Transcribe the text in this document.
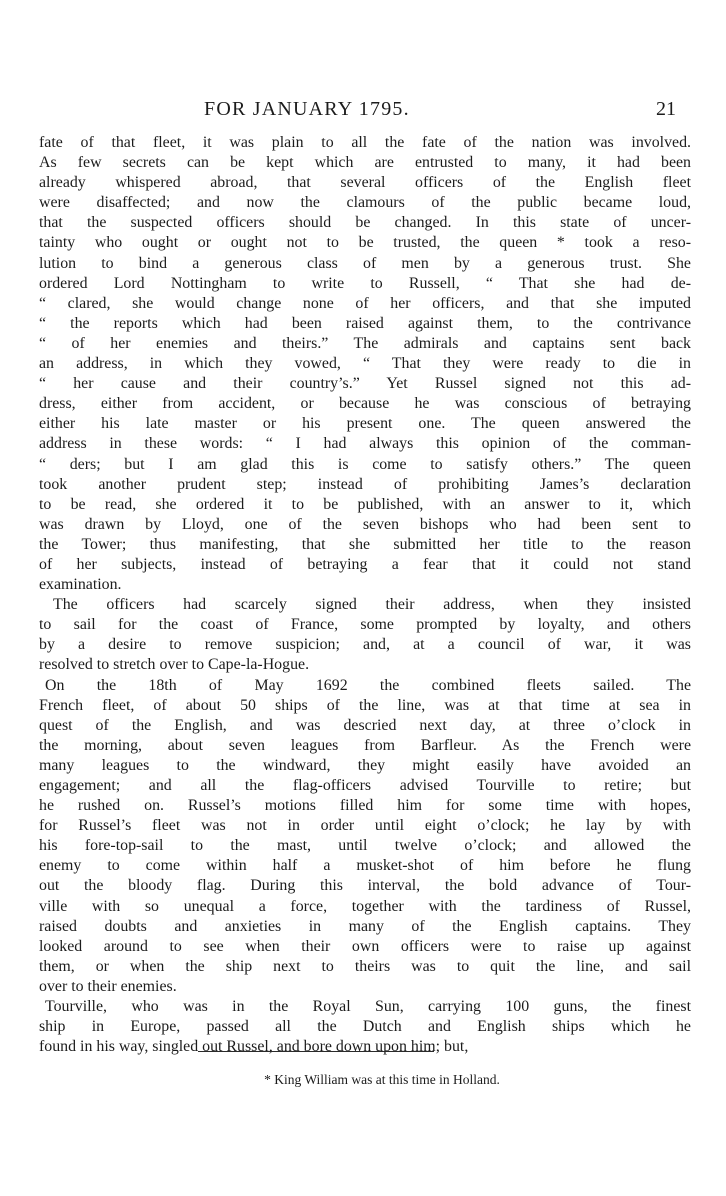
FOR JANUARY 1795.	21
fate of that fleet, it was plain to all the fate of the nation was involved.
As few secrets can be kept which are entrusted to many, it had been
already whispered abroad, that several officers of the English fleet
were disaffected; and now the clamours of the public became loud,
that the suspected officers should be changed. In this state of uncer-
tainty who ought or ought not to be trusted, the queen * took a reso-
lution to bind a generous class of men by a generous trust. She
ordered Lord Nottingham to write to Russell, “ That she had de-
“ clared, she would change none of her officers, and that she imputed
“ the reports which had been raised against them, to the contrivance
“ of her enemies and theirs.” The admirals and captains sent back
an address, in which they vowed, “ That they were ready to die in
“ her cause and their country’s.” Yet Russel signed not this ad-
dress, either from accident, or because he was conscious of betraying
either his late master or his present one. The queen answered the
address in these words: “ I had always this opinion of the comman-
“ ders; but I am glad this is come to satisfy others.” The queen
took another prudent step; instead of prohibiting James’s declaration
to be read, she ordered it to be published, with an answer to it, which
was drawn by Lloyd, one of the seven bishops who had been sent to
the Tower; thus manifesting, that she submitted her title to the reason
of her subjects, instead of betraying a fear that it could not stand
examination.
The officers had scarcely signed their address, when they insisted
to sail for the coast of France, some prompted by loyalty, and others
by a desire to remove suspicion; and, at a council of war, it was
resolved to stretch over to Cape-la-Hogue.
On the 18th of May 1692 the combined fleets sailed. The
French fleet, of about 50 ships of the line, was at that time at sea in
quest of the English, and was descried next day, at three o’clock in
the morning, about seven leagues from Barfleur. As the French were
many leagues to the windward, they might easily have avoided an
engagement; and all the flag-officers advised Tourville to retire; but
he rushed on. Russel’s motions filled him for some time with hopes,
for Russel’s fleet was not in order until eight o’clock; he lay by with
his fore-top-sail to the mast, until twelve o’clock; and allowed the
enemy to come within half a musket-shot of him before he flung
out the bloody flag. During this interval, the bold advance of Tour-
ville with so unequal a force, together with the tardiness of Russel,
raised doubts and anxieties in many of the English captains. They
looked around to see when their own officers were to raise up against
them, or when the ship next to theirs was to quit the line, and sail
over to their enemies.
Tourville, who was in the Royal Sun, carrying 100 guns, the finest
ship in Europe, passed all the Dutch and English ships which he
found in his way, singled out Russel, and bore down upon him; but,
* King William was at this time in Holland.
